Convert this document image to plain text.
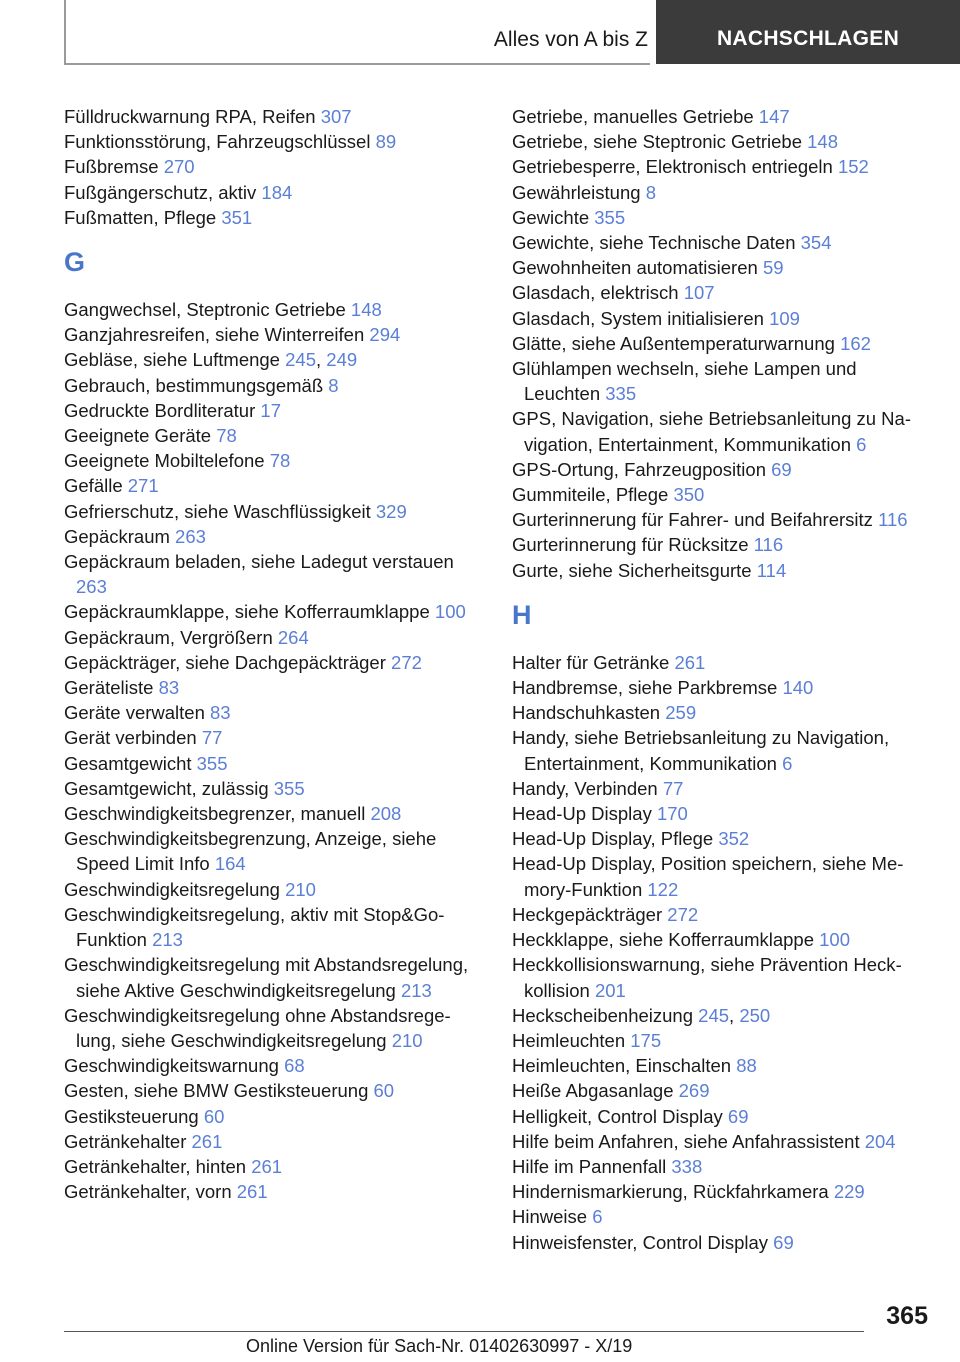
Alles von A bis Z	NACHSCHLAGEN
Fülldruckwarnung RPA, Reifen 307
Funktionsstörung, Fahrzeugschlüssel 89
Fußbremse 270
Fußgängerschutz, aktiv 184
Fußmatten, Pflege 351
G
Gangwechsel, Steptronic Getriebe 148
Ganzjahresreifen, siehe Winterreifen 294
Gebläse, siehe Luftmenge 245, 249
Gebrauch, bestimmungsgemäß 8
Gedruckte Bordliteratur 17
Geeignete Geräte 78
Geeignete Mobiltelefone 78
Gefälle 271
Gefrierschutz, siehe Waschflüssigkeit 329
Gepäckraum 263
Gepäckraum beladen, siehe Ladegut verstauen 263
Gepäckraumklappe, siehe Kofferraumklappe 100
Gepäckraum, Vergrößern 264
Gepäckträger, siehe Dachgepäckträger 272
Geräteliste 83
Geräte verwalten 83
Gerät verbinden 77
Gesamtgewicht 355
Gesamtgewicht, zulässig 355
Geschwindigkeitsbegrenzer, manuell 208
Geschwindigkeitsbegrenzung, Anzeige, siehe Speed Limit Info 164
Geschwindigkeitsregelung 210
Geschwindigkeitsregelung, aktiv mit Stop&Go-Funktion 213
Geschwindigkeitsregelung mit Abstandsregelung, siehe Aktive Geschwindigkeitsregelung 213
Geschwindigkeitsregelung ohne Abstandsregelung, siehe Geschwindigkeitsregelung 210
Geschwindigkeitswarnung 68
Gesten, siehe BMW Gestiksteuerung 60
Gestiksteuerung 60
Getränkehalter 261
Getränkehalter, hinten 261
Getränkehalter, vorn 261
Getriebe, manuelles Getriebe 147
Getriebe, siehe Steptronic Getriebe 148
Getriebesperre, Elektronisch entriegeln 152
Gewährleistung 8
Gewichte 355
Gewichte, siehe Technische Daten 354
Gewohnheiten automatisieren 59
Glasdach, elektrisch 107
Glasdach, System initialisieren 109
Glätte, siehe Außentemperaturwarnung 162
Glühlampen wechseln, siehe Lampen und Leuchten 335
GPS, Navigation, siehe Betriebsanleitung zu Navigation, Entertainment, Kommunikation 6
GPS-Ortung, Fahrzeugposition 69
Gummiteile, Pflege 350
Gurterinnerung für Fahrer- und Beifahrersitz 116
Gurterinnerung für Rücksitze 116
Gurte, siehe Sicherheitsgurte 114
H
Halter für Getränke 261
Handbremse, siehe Parkbremse 140
Handschuhkasten 259
Handy, siehe Betriebsanleitung zu Navigation, Entertainment, Kommunikation 6
Handy, Verbinden 77
Head-Up Display 170
Head-Up Display, Pflege 352
Head-Up Display, Position speichern, siehe Memory-Funktion 122
Heckgepäckträger 272
Heckklappe, siehe Kofferraumklappe 100
Heckkollisionswarnung, siehe Prävention Heckkollision 201
Heckscheibenheizung 245, 250
Heimleuchten 175
Heimleuchten, Einschalten 88
Heiße Abgasanlage 269
Helligkeit, Control Display 69
Hilfe beim Anfahren, siehe Anfahrassistent 204
Hilfe im Pannenfall 338
Hindernismarkierung, Rückfahrkamera 229
Hinweise 6
Hinweisfenster, Control Display 69
365
Online Version für Sach-Nr. 01402630997 - X/19
